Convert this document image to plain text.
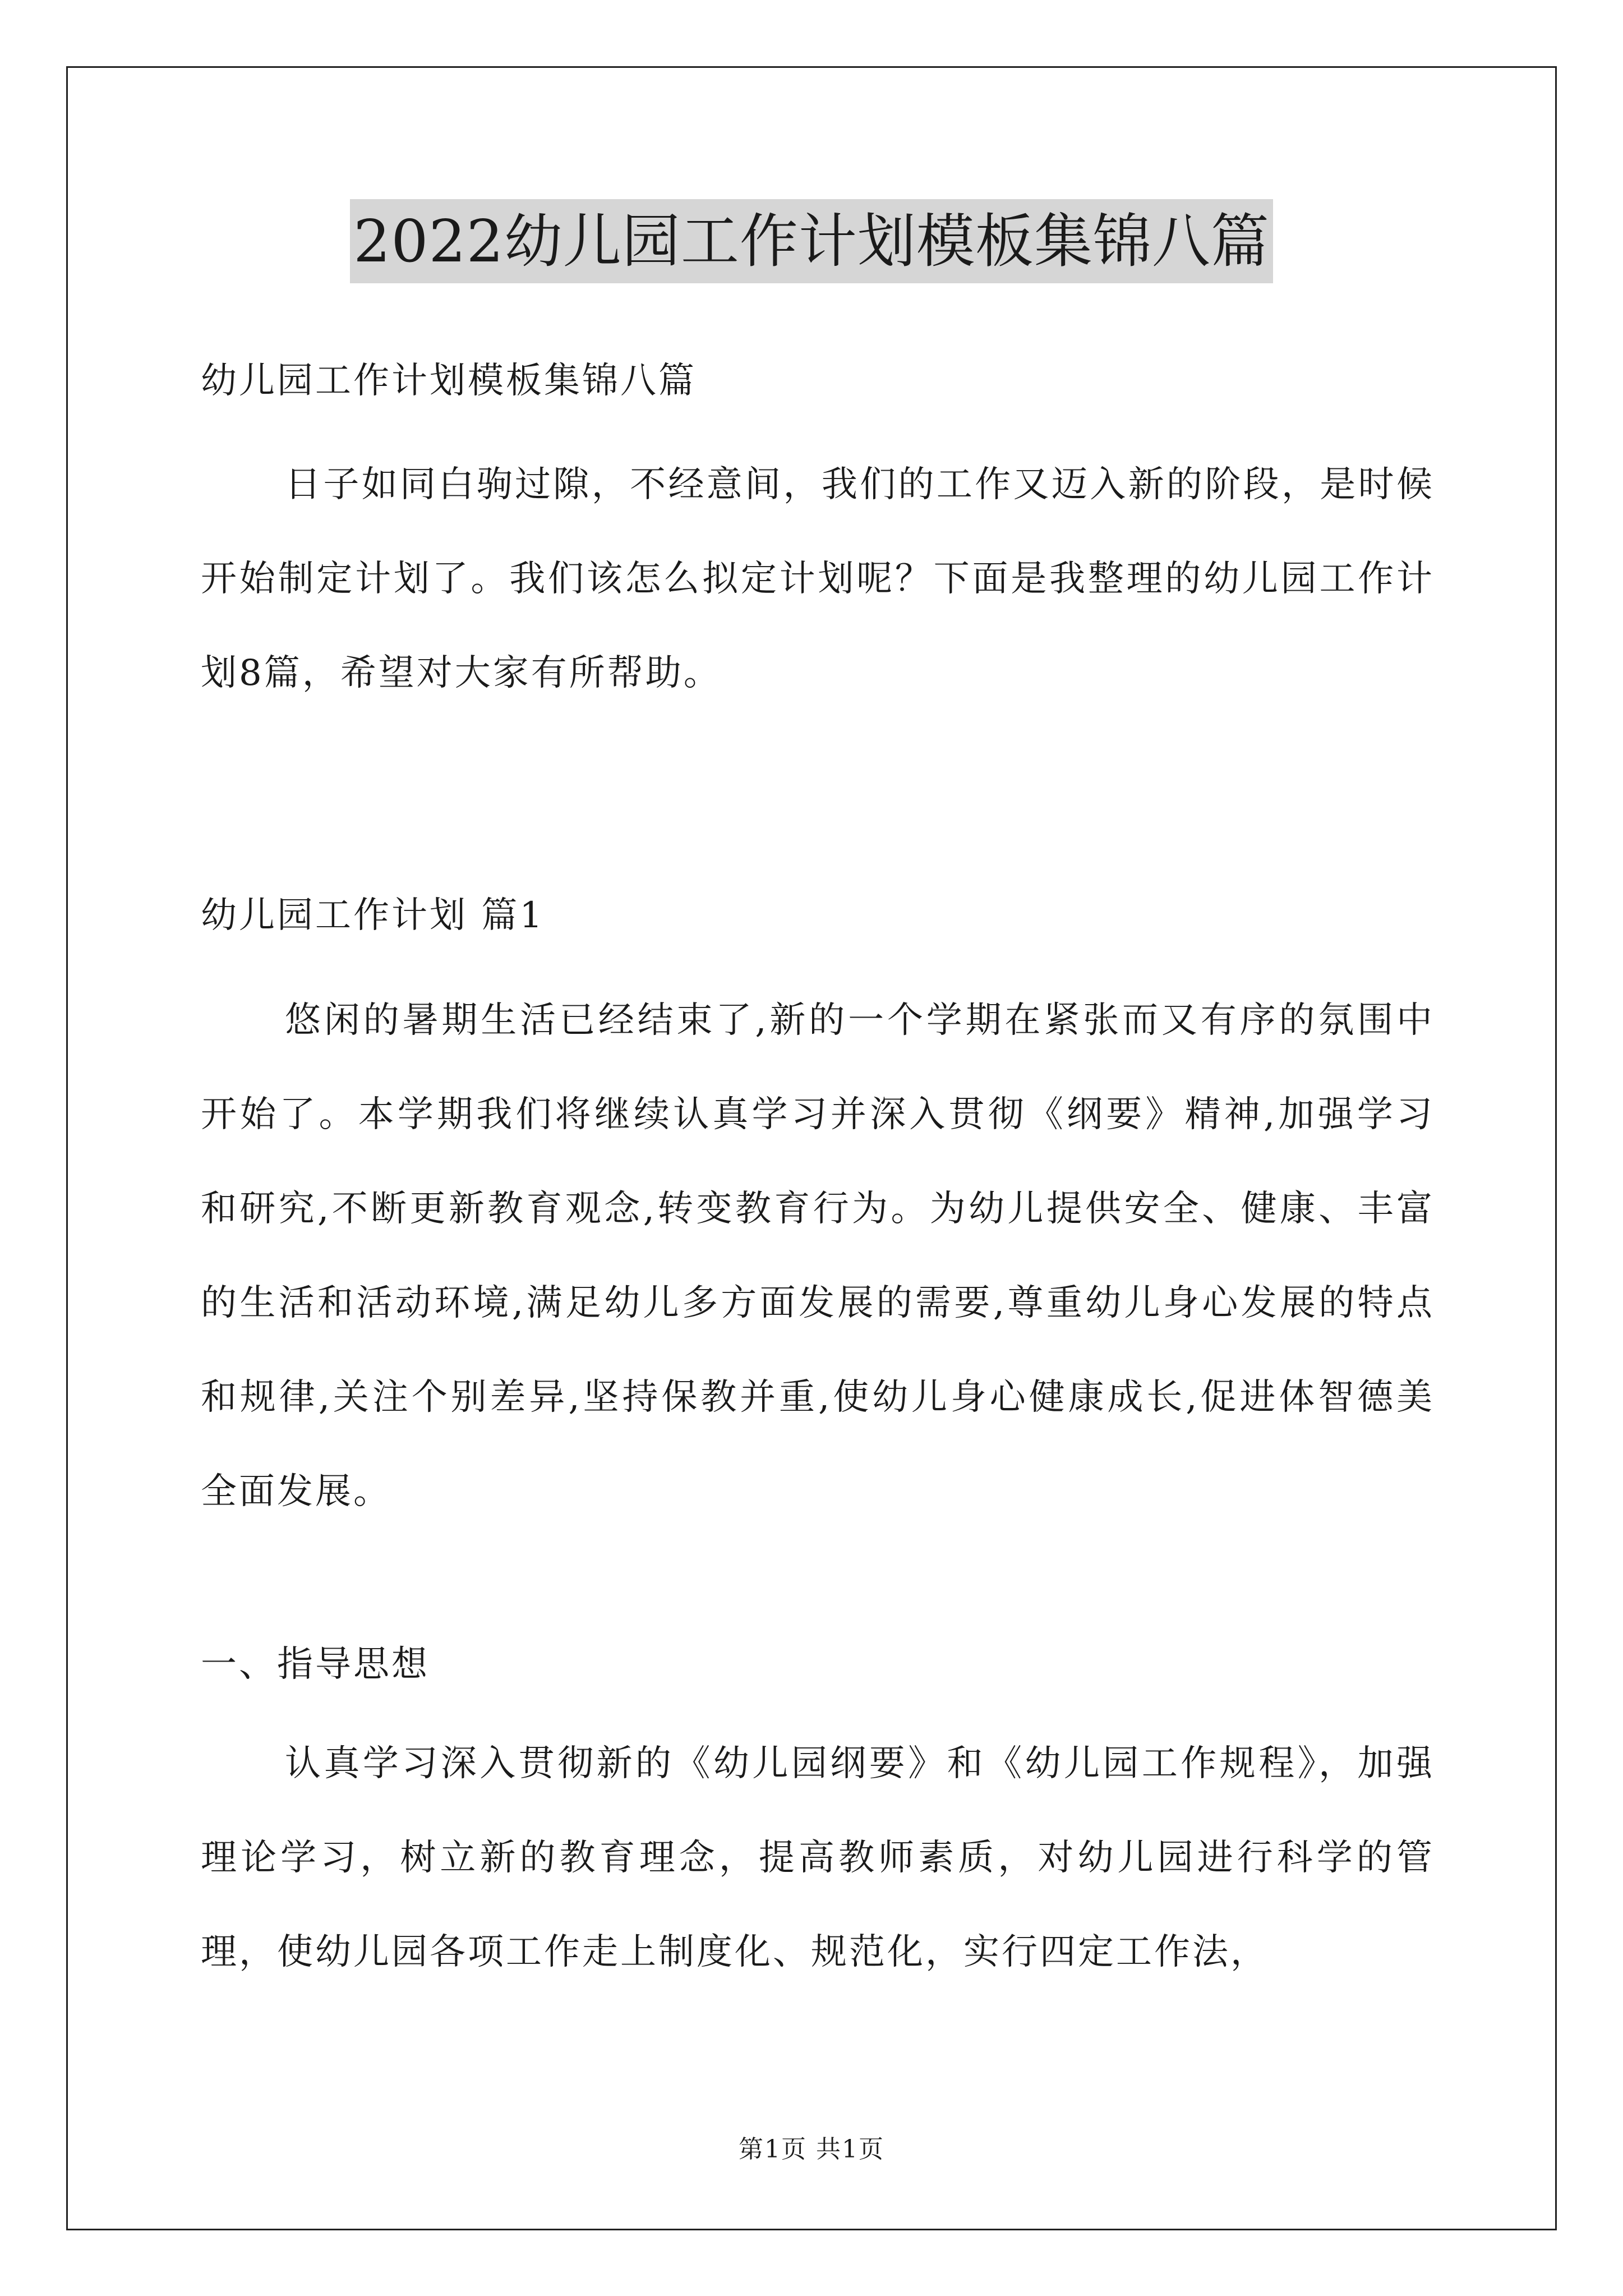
2022幼儿园工作计划模板集锦八篇
幼儿园工作计划模板集锦八篇
日子如同白驹过隙，不经意间，我们的工作又迈入新的阶段，是时候开始制定计划了。我们该怎么拟定计划呢？下面是我整理的幼儿园工作计划8篇，希望对大家有所帮助。
幼儿园工作计划 篇1
悠闲的暑期生活已经结束了,新的一个学期在紧张而又有序的氛围中开始了。本学期我们将继续认真学习并深入贯彻《纲要》精神,加强学习和研究,不断更新教育观念,转变教育行为。为幼儿提供安全、健康、丰富的生活和活动环境,满足幼儿多方面发展的需要,尊重幼儿身心发展的特点和规律,关注个别差异,坚持保教并重,使幼儿身心健康成长,促进体智德美全面发展。
一、指导思想
认真学习深入贯彻新的《幼儿园纲要》和《幼儿园工作规程》，加强理论学习，树立新的教育理念，提高教师素质，对幼儿园进行科学的管理，使幼儿园各项工作走上制度化、规范化，实行四定工作法，
第1页 共1页
